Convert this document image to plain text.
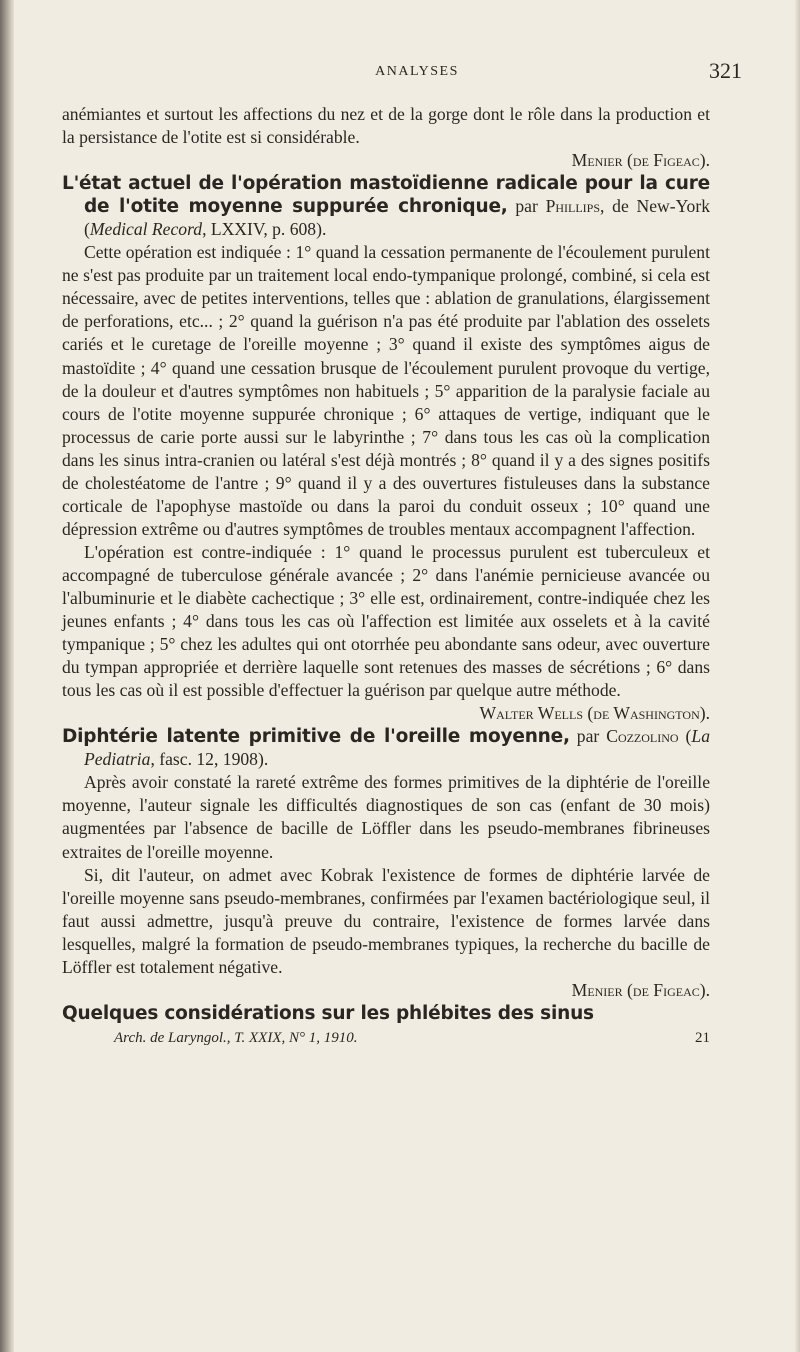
ANALYSES	321

anémiantes et surtout les affections du nez et de la gorge dont le rôle dans la production et la persistance de l'otite est si considérable.
Menier (de Figeac).

L'état actuel de l'opération mastoïdienne radicale pour la cure de l'otite moyenne suppurée chronique, par Phillips, de New-York (Medical Record, LXXIV, p. 608).

Cette opération est indiquée : 1° quand la cessation permanente de l'écoulement purulent ne s'est pas produite par un traitement local endo-tympanique prolongé, combiné, si cela est nécessaire, avec de petites interventions, telles que : ablation de granulations, élargissement de perforations, etc... ; 2° quand la guérison n'a pas été produite par l'ablation des osselets cariés et le curetage de l'oreille moyenne ; 3° quand il existe des symptômes aigus de mastoïdite ; 4° quand une cessation brusque de l'écoulement purulent provoque du vertige, de la douleur et d'autres symptômes non habituels ; 5° apparition de la paralysie faciale au cours de l'otite moyenne suppurée chronique ; 6° attaques de vertige, indiquant que le processus de carie porte aussi sur le labyrinthe ; 7° dans tous les cas où la complication dans les sinus intra-cranien ou latéral s'est déjà montrés ; 8° quand il y a des signes positifs de cholestéatome de l'antre ; 9° quand il y a des ouvertures fistuleuses dans la substance corticale de l'apophyse mastoïde ou dans la paroi du conduit osseux ; 10° quand une dépression extrême ou d'autres symptômes de troubles mentaux accompagnent l'affection.

L'opération est contre-indiquée : 1° quand le processus purulent est tuberculeux et accompagné de tuberculose générale avancée ; 2° dans l'anémie pernicieuse avancée ou l'albuminurie et le diabète cachectique ; 3° elle est, ordinairement, contre-indiquée chez les jeunes enfants ; 4° dans tous les cas où l'affection est limitée aux osselets et à la cavité tympanique ; 5° chez les adultes qui ont otorrhée peu abondante sans odeur, avec ouverture du tympan appropriée et derrière laquelle sont retenues des masses de sécrétions ; 6° dans tous les cas où il est possible d'effectuer la guérison par quelque autre méthode.

Walter Wells (de Washington).

Diphtérie latente primitive de l'oreille moyenne, par Cozzolino (La Pediatria, fasc. 12, 1908).

Après avoir constaté la rareté extrême des formes primitives de la diphtérie de l'oreille moyenne, l'auteur signale les difficultés diagnostiques de son cas (enfant de 30 mois) augmentées par l'absence de bacille de Löffler dans les pseudo-membranes fibrineuses extraites de l'oreille moyenne.

Si, dit l'auteur, on admet avec Kobrak l'existence de formes de diphtérie larvée de l'oreille moyenne sans pseudo-membranes, confirmées par l'examen bactériologique seul, il faut aussi admettre, jusqu'à preuve du contraire, l'existence de formes larvée dans lesquelles, malgré la formation de pseudo-membranes typiques, la recherche du bacille de Löffler est totalement négative.
Menier (de Figeac).

Quelques considérations sur les phlébites des sinus

Arch. de Laryngol., T. XXIX, N° 1, 1910.	21
